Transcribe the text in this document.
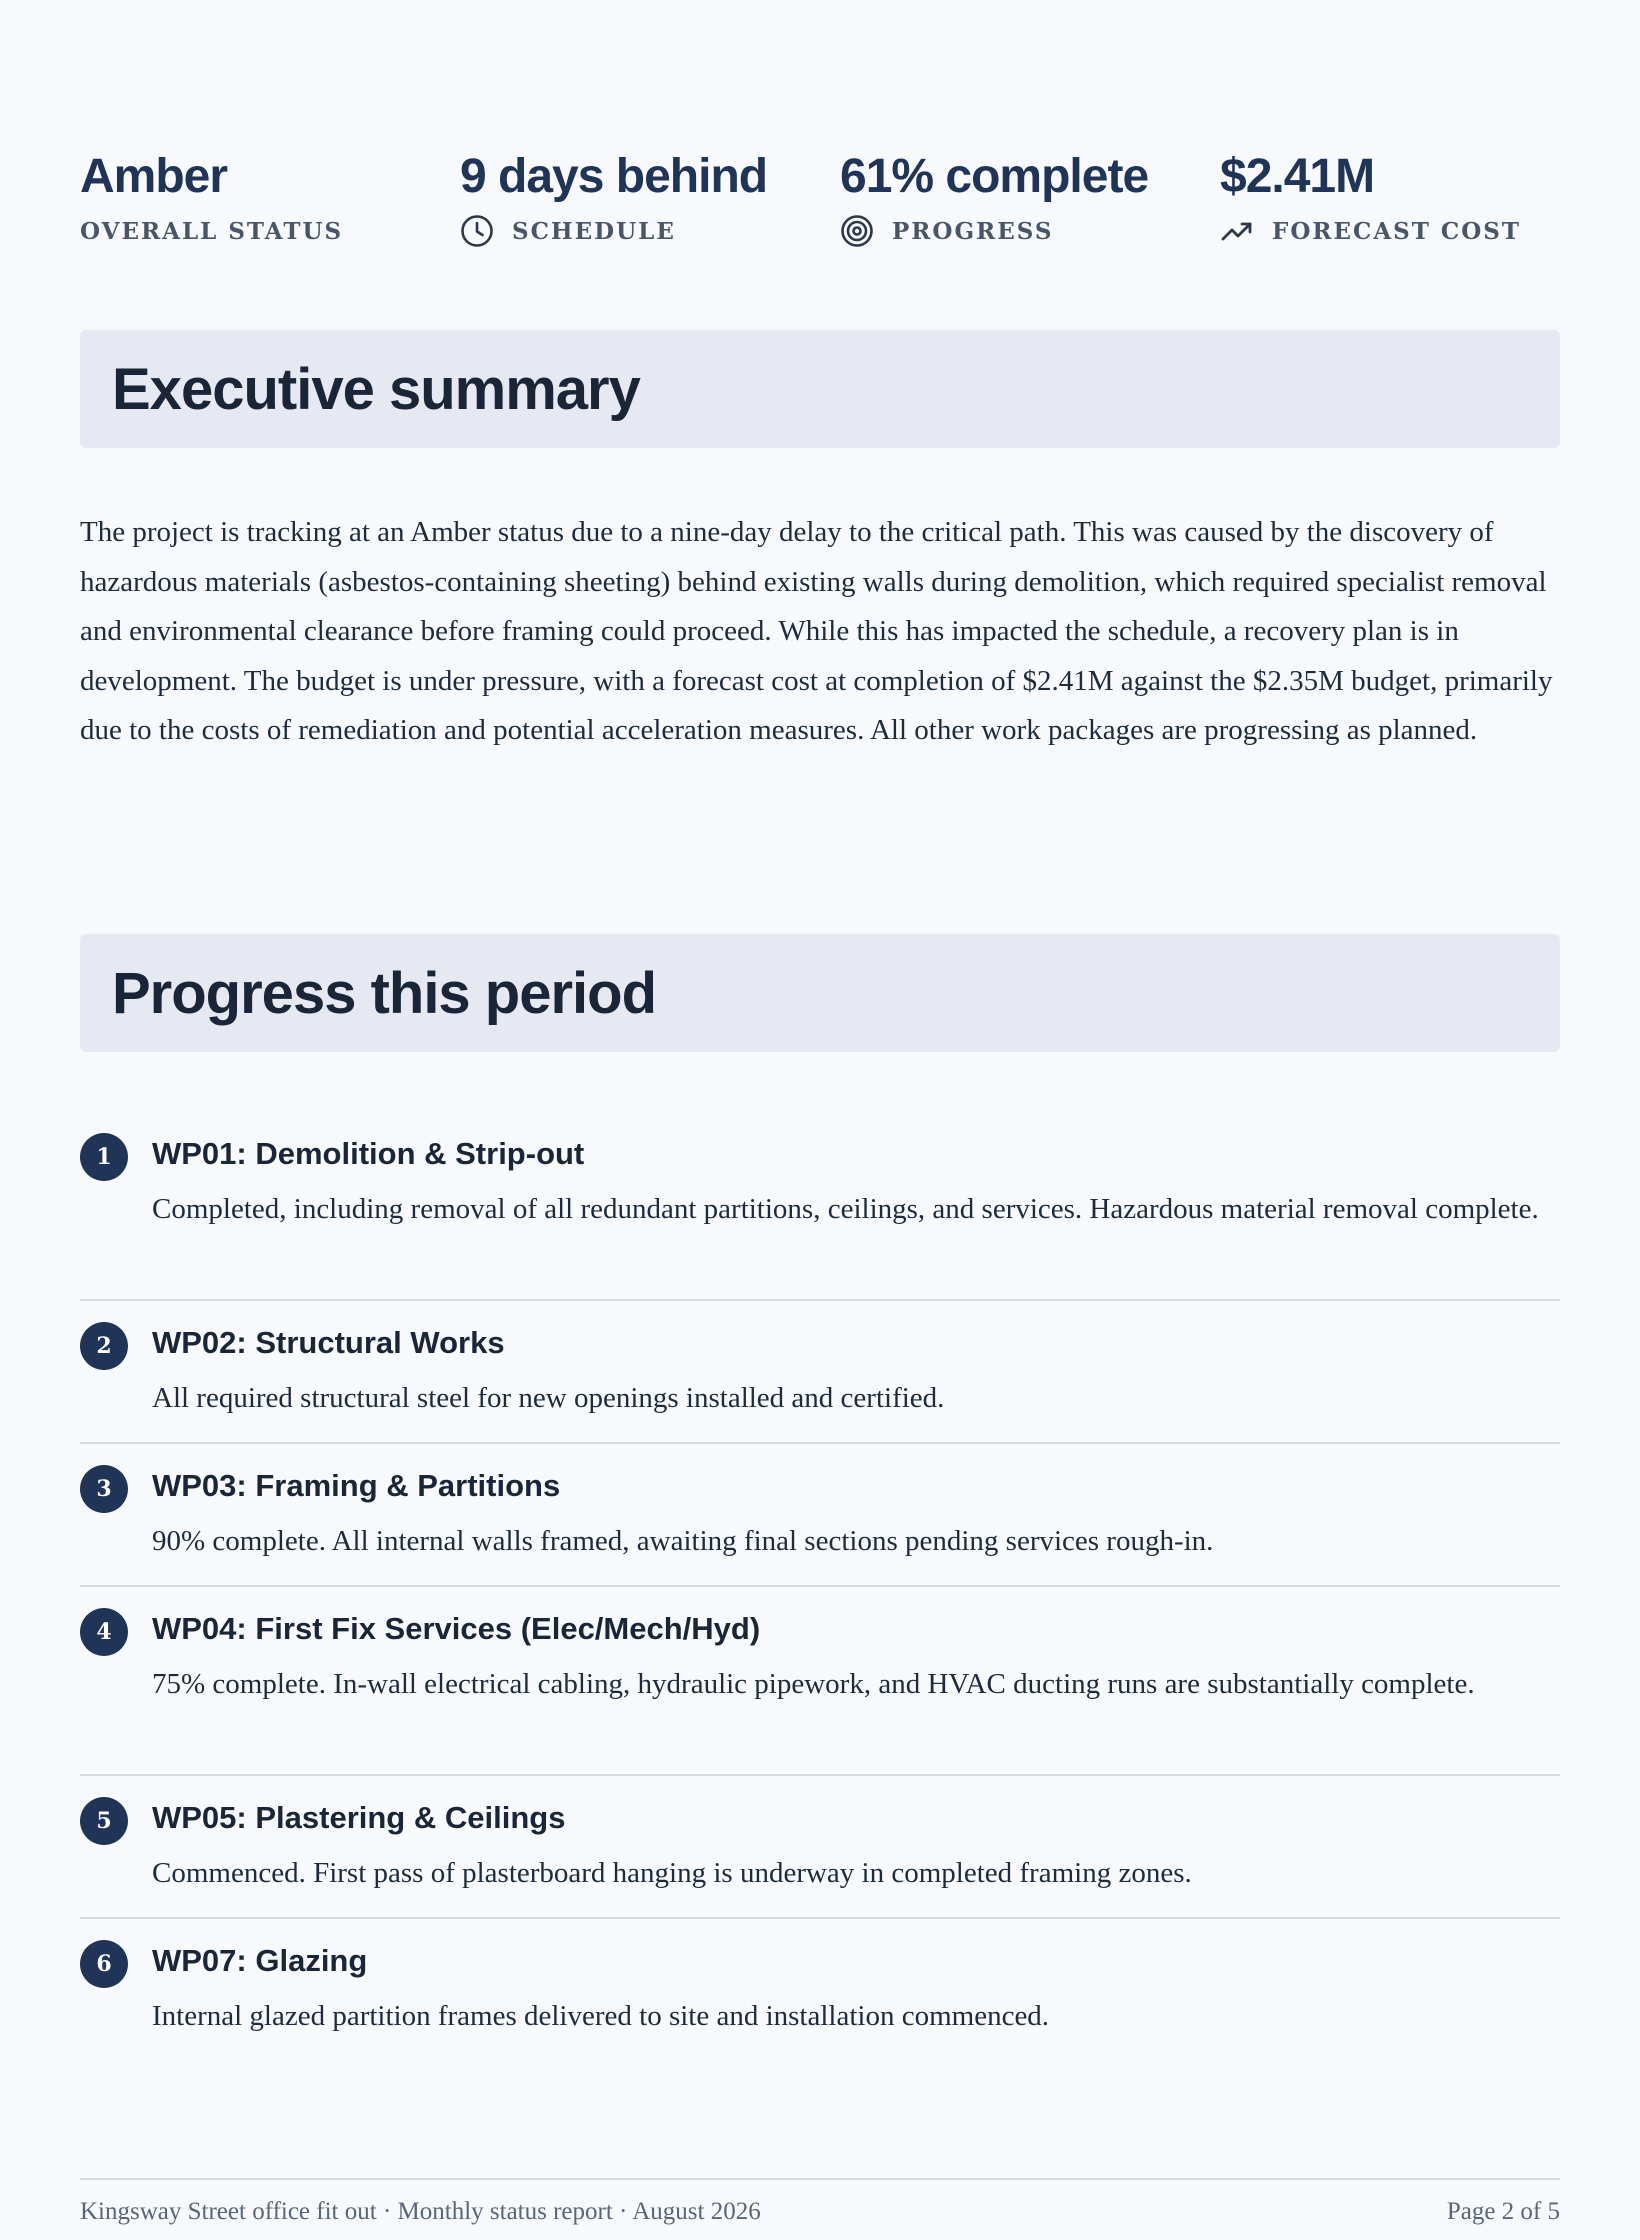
Amber
OVERALL STATUS
9 days behind
SCHEDULE
61% complete
PROGRESS
$2.41M
FORECAST COST
Executive summary

The project is tracking at an Amber status due to a nine-day delay to the critical path. This was caused by the discovery of hazardous materials (asbestos-containing sheeting) behind existing walls during demolition, which required specialist removal and environmental clearance before framing could proceed. While this has impacted the schedule, a recovery plan is in development. The budget is under pressure, with a forecast cost at completion of $2.41M against the $2.35M budget, primarily due to the costs of remediation and potential acceleration measures. All other work packages are progressing as planned.

Progress this period
1	WP01: Demolition & Strip-out
Completed, including removal of all redundant partitions, ceilings, and services. Hazardous material removal complete.
2	WP02: Structural Works
All required structural steel for new openings installed and certified.
3	WP03: Framing & Partitions
90% complete. All internal walls framed, awaiting final sections pending services rough-in.
4	WP04: First Fix Services (Elec/Mech/Hyd)
75% complete. In-wall electrical cabling, hydraulic pipework, and HVAC ducting runs are substantially complete.
5	WP05: Plastering & Ceilings
Commenced. First pass of plasterboard hanging is underway in completed framing zones.
6	WP07: Glazing
Internal glazed partition frames delivered to site and installation commenced.
Kingsway Street office fit out · Monthly status report · August 2026	Page 2 of 5
